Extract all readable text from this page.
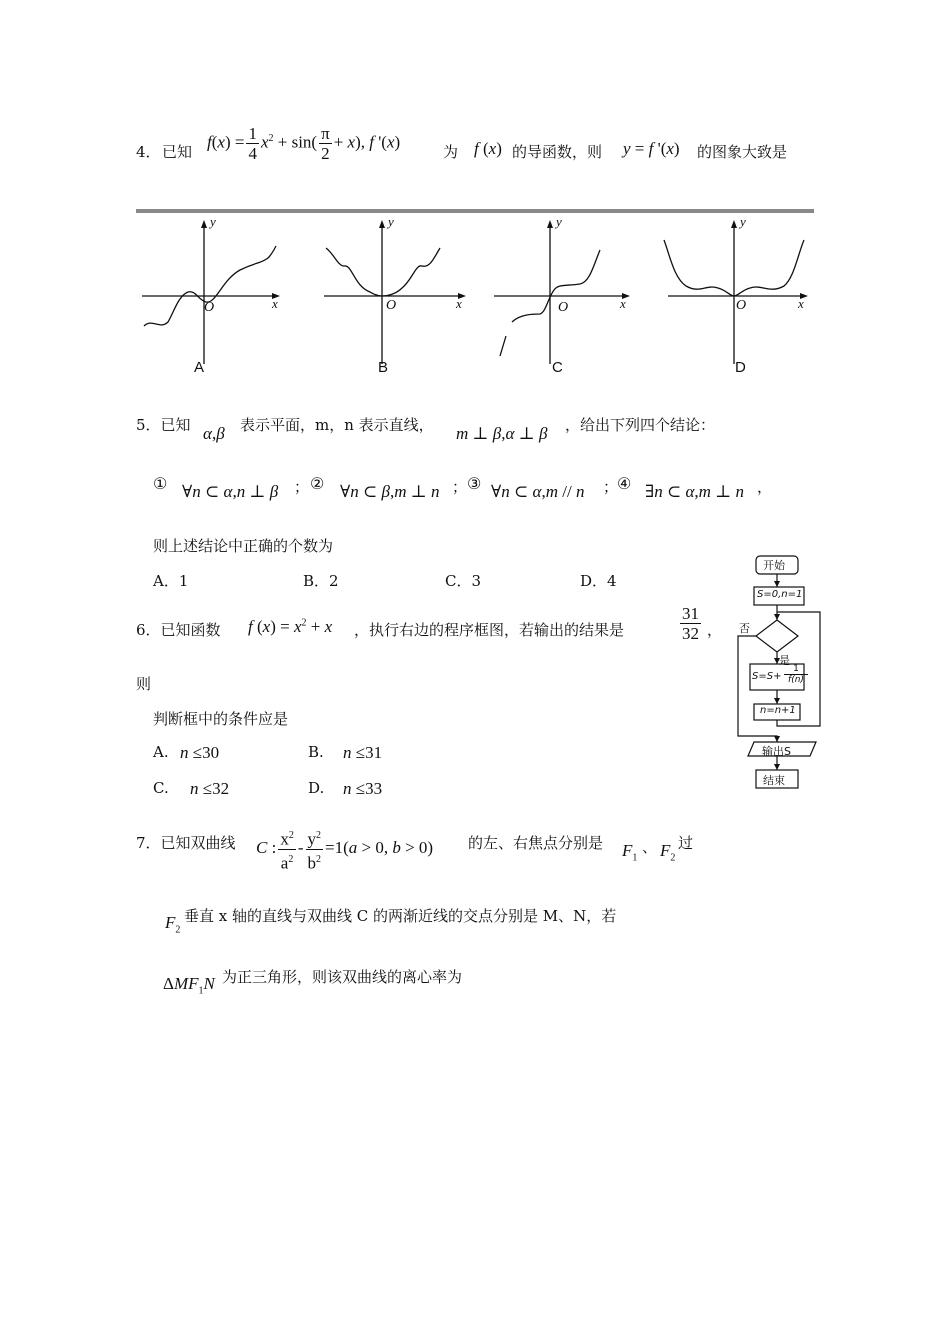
4． 已知
$f(x) = \frac{1}{4} x^2 + \sin( \frac{\pi}{2} + x)$, f '(x)
为 f (x) 的导函数，则 y = f '(x) 的图象大致是
y
x
O
y
x
O
y
x
O
y
x
O
A	B	C	D
5．已知 α,β 表示平面，m，n 表示直线， m ⊥ β,α ⊥ β ，给出下列四个结论：
① ∀n ⊂ α,n ⊥ β ； ② ∀n ⊂ β,m ⊥ n ； ③ ∀n ⊂ α,m // n ；
④ ∃n ⊂ α,m ⊥ n ，
则上述结论中正确的个数为
A．1	B．2	C．3	D．4
6．已知函数 f $(x) = x^2 + x$ ，执行右边的程序框图，若输出的结果是	$\frac{31}{32}$ ，
则
判断框中的条件应是
A. n ≤30	B. n ≤31
C. n ≤32	D. n ≤33
开始
S=0,n=1
否
是
$S=S+ \frac{1}{f(n)}$
n=n+1
输出S
结束
7．已知双曲线 C : $\frac{x^2}{a^2} - \frac{y^2}{b^2} =1(a > 0$, b > 0) 的左、右焦点分别是 $F_1$
、 $F_2$
过
$F_2$
垂直 x 轴的直线与双曲线 C 的两渐近线的交点分别是 M、N，若
$\Delta MF_1N$ 为正三角形，则该双曲线的离心率为
